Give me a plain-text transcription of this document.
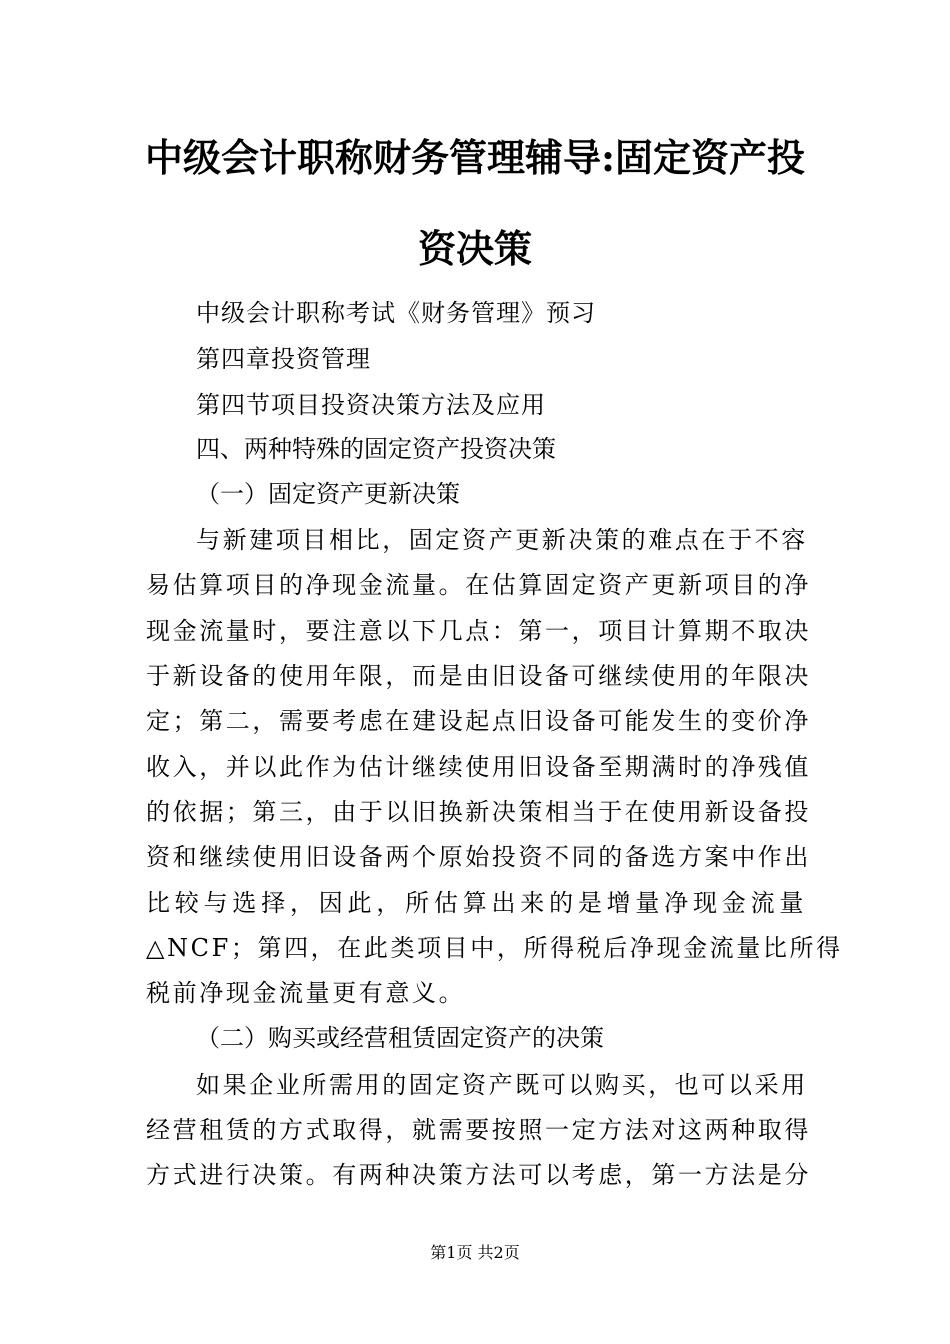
中级会计职称财务管理辅导:固定资产投
资决策
中级会计职称考试《财务管理》预习
第四章投资管理
第四节项目投资决策方法及应用
四、两种特殊的固定资产投资决策
（一）固定资产更新决策
与新建项目相比，固定资产更新决策的难点在于不容
易估算项目的净现金流量。在估算固定资产更新项目的净
现金流量时，要注意以下几点：第一，项目计算期不取决
于新设备的使用年限，而是由旧设备可继续使用的年限决
定；第二，需要考虑在建设起点旧设备可能发生的变价净
收入，并以此作为估计继续使用旧设备至期满时的净残值
的依据；第三，由于以旧换新决策相当于在使用新设备投
资和继续使用旧设备两个原始投资不同的备选方案中作出
比较与选择，因此，所估算出来的是增量净现金流量
△NCF；第四，在此类项目中，所得税后净现金流量比所得
税前净现金流量更有意义。
（二）购买或经营租赁固定资产的决策
如果企业所需用的固定资产既可以购买，也可以采用
经营租赁的方式取得，就需要按照一定方法对这两种取得
方式进行决策。有两种决策方法可以考虑，第一方法是分
第1页 共2页
